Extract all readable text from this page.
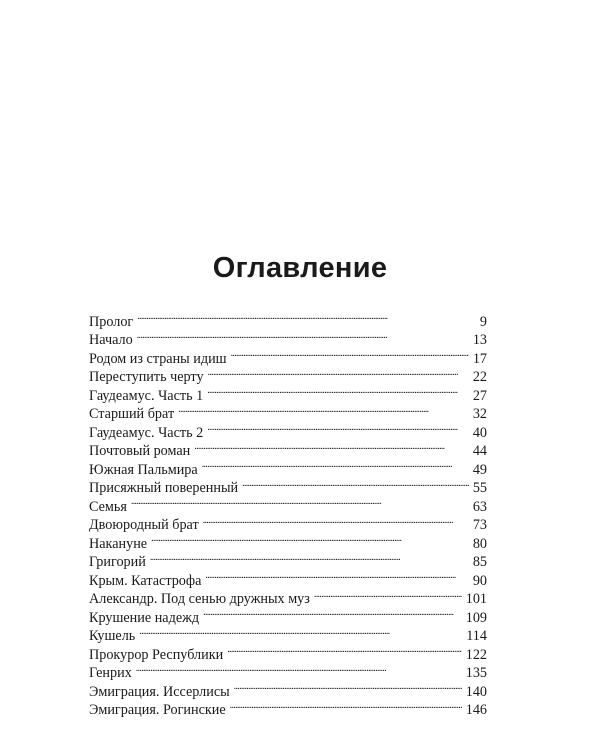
Оглавление
Пролог . . .	9
Начало . . .	13
Родом из страны идиш . . .	17
Переступить черту . . .	22
Гаудеамус. Часть 1 . . .	27
Старший брат . . .	32
Гаудеамус. Часть 2 . . .	40
Почтовый роман . . .	44
Южная Пальмира . . .	49
Присяжный поверенный . . .	55
Семья . . .	63
Двоюродный брат . . .	73
Накануне . . .	80
Григорий . . .	85
Крым. Катастрофа . . .	90
Александр. Под сенью дружных муз . . .	101
Крушение надежд . . .	109
Кушель . . .	114
Прокурор Республики . . .	122
Генрих . . .	135
Эмиграция. Иссерлисы . . .	140
Эмиграция. Рогинские . . .	146
